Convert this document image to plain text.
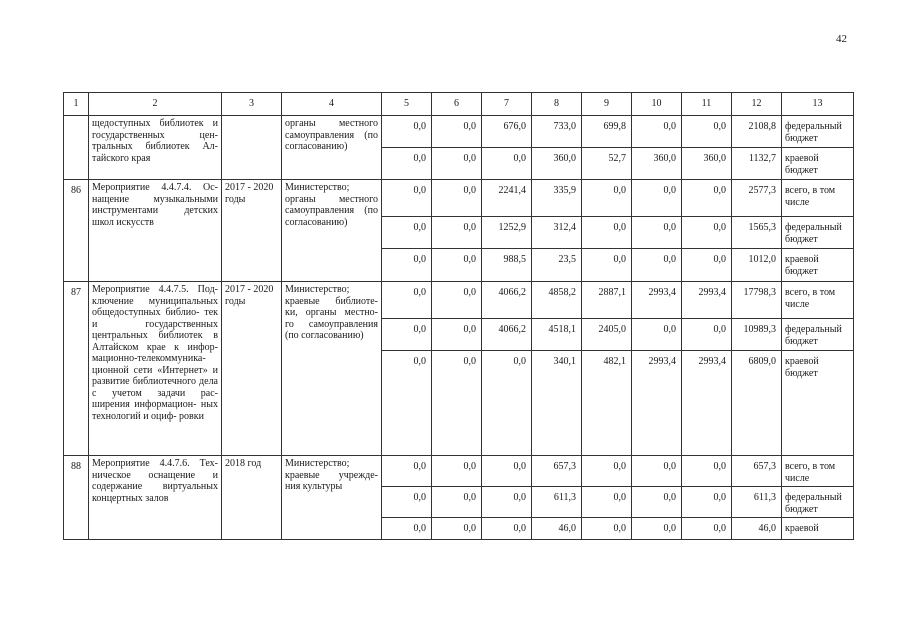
42
1	2	3	4	5	6	7	8	9	10	11	12	13
	щедоступных библиотек и государственных цен- тральных библиотек Ал- тайского края		органы местного самоуправления (по согласованию)	0,0	0,0	676,0	733,0	699,8	0,0	0,0	2108,8	федеральный бюджет
				0,0	0,0	0,0	360,0	52,7	360,0	360,0	1132,7	краевой бюджет
86	Мероприятие 4.4.7.4. Ос- нащение музыкальными инструментами детских школ искусств	2017 - 2020 годы	Министерство; органы местного самоуправления (по согласованию)	0,0	0,0	2241,4	335,9	0,0	0,0	0,0	2577,3	всего, в том числе
				0,0	0,0	1252,9	312,4	0,0	0,0	0,0	1565,3	федеральный бюджет
				0,0	0,0	988,5	23,5	0,0	0,0	0,0	1012,0	краевой бюджет
87	Мероприятие 4.4.7.5. Под- ключение муниципальных общедоступных библио- тек и государственных центральных библиотек в Алтайском крае к инфор- мационно-телекоммуника- ционной сети «Интернет» и развитие библиотечного дела с учетом задачи рас- ширения информацион- ных технологий и оциф- ровки	2017 - 2020 годы	Министерство; краевые библиоте- ки, органы местно- го самоуправления (по согласованию)	0,0	0,0	4066,2	4858,2	2887,1	2993,4	2993,4	17798,3	всего, в том числе
				0,0	0,0	4066,2	4518,1	2405,0	0,0	0,0	10989,3	федеральный бюджет
				0,0	0,0	0,0	340,1	482,1	2993,4	2993,4	6809,0	краевой бюджет
88	Мероприятие 4.4.7.6. Тех- ническое оснащение и содержание виртуальных концертных залов	2018 год	Министерство; краевые учрежде- ния культуры	0,0	0,0	0,0	657,3	0,0	0,0	0,0	657,3	всего, в том числе
				0,0	0,0	0,0	611,3	0,0	0,0	0,0	611,3	федеральный бюджет
				0,0	0,0	0,0	46,0	0,0	0,0	0,0	46,0	краевой
